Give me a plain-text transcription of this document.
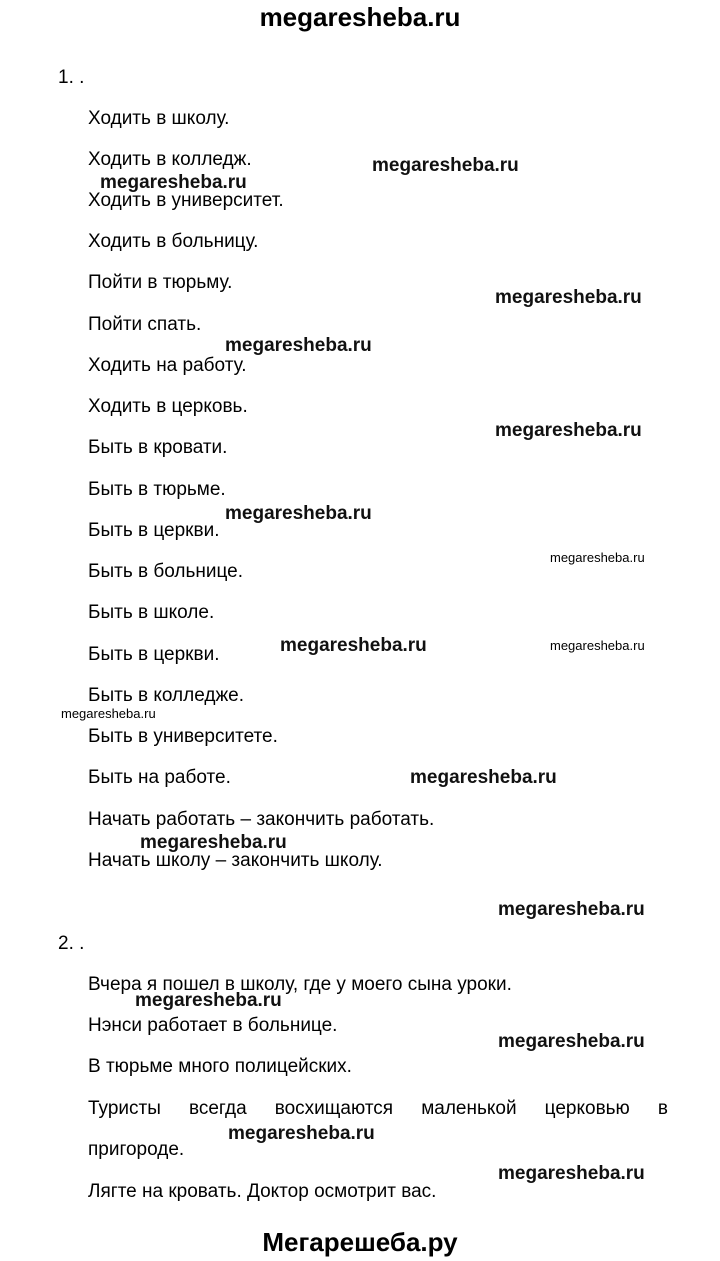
megaresheba.ru
1. .
Ходить в школу.
Ходить в колледж.
Ходить в университет.
Ходить в больницу.
Пойти в тюрьму.
Пойти спать.
Ходить на работу.
Ходить в церковь.
Быть в кровати.
Быть в тюрьме.
Быть в церкви.
Быть в больнице.
Быть в школе.
Быть в церкви.
Быть в колледже.
Быть в университете.
Быть на работе.
Начать работать – закончить работать.
Начать школу – закончить школу.
2. .
Вчера я пошел в школу, где у моего сына уроки.
Нэнси работает в больнице.
В тюрьме много полицейских.
Туристы всегда восхищаются маленькой церковью в
пригороде.
Лягте на кровать. Доктор осмотрит вас.
megaresheba.ru
megaresheba.ru
megaresheba.ru
megaresheba.ru
megaresheba.ru
megaresheba.ru
megaresheba.ru
megaresheba.ru	megaresheba.ru
megaresheba.ru
megaresheba.ru
megaresheba.ru
megaresheba.ru
megaresheba.ru
megaresheba.ru
megaresheba.ru
megaresheba.ru
Мегарешеба.ру
